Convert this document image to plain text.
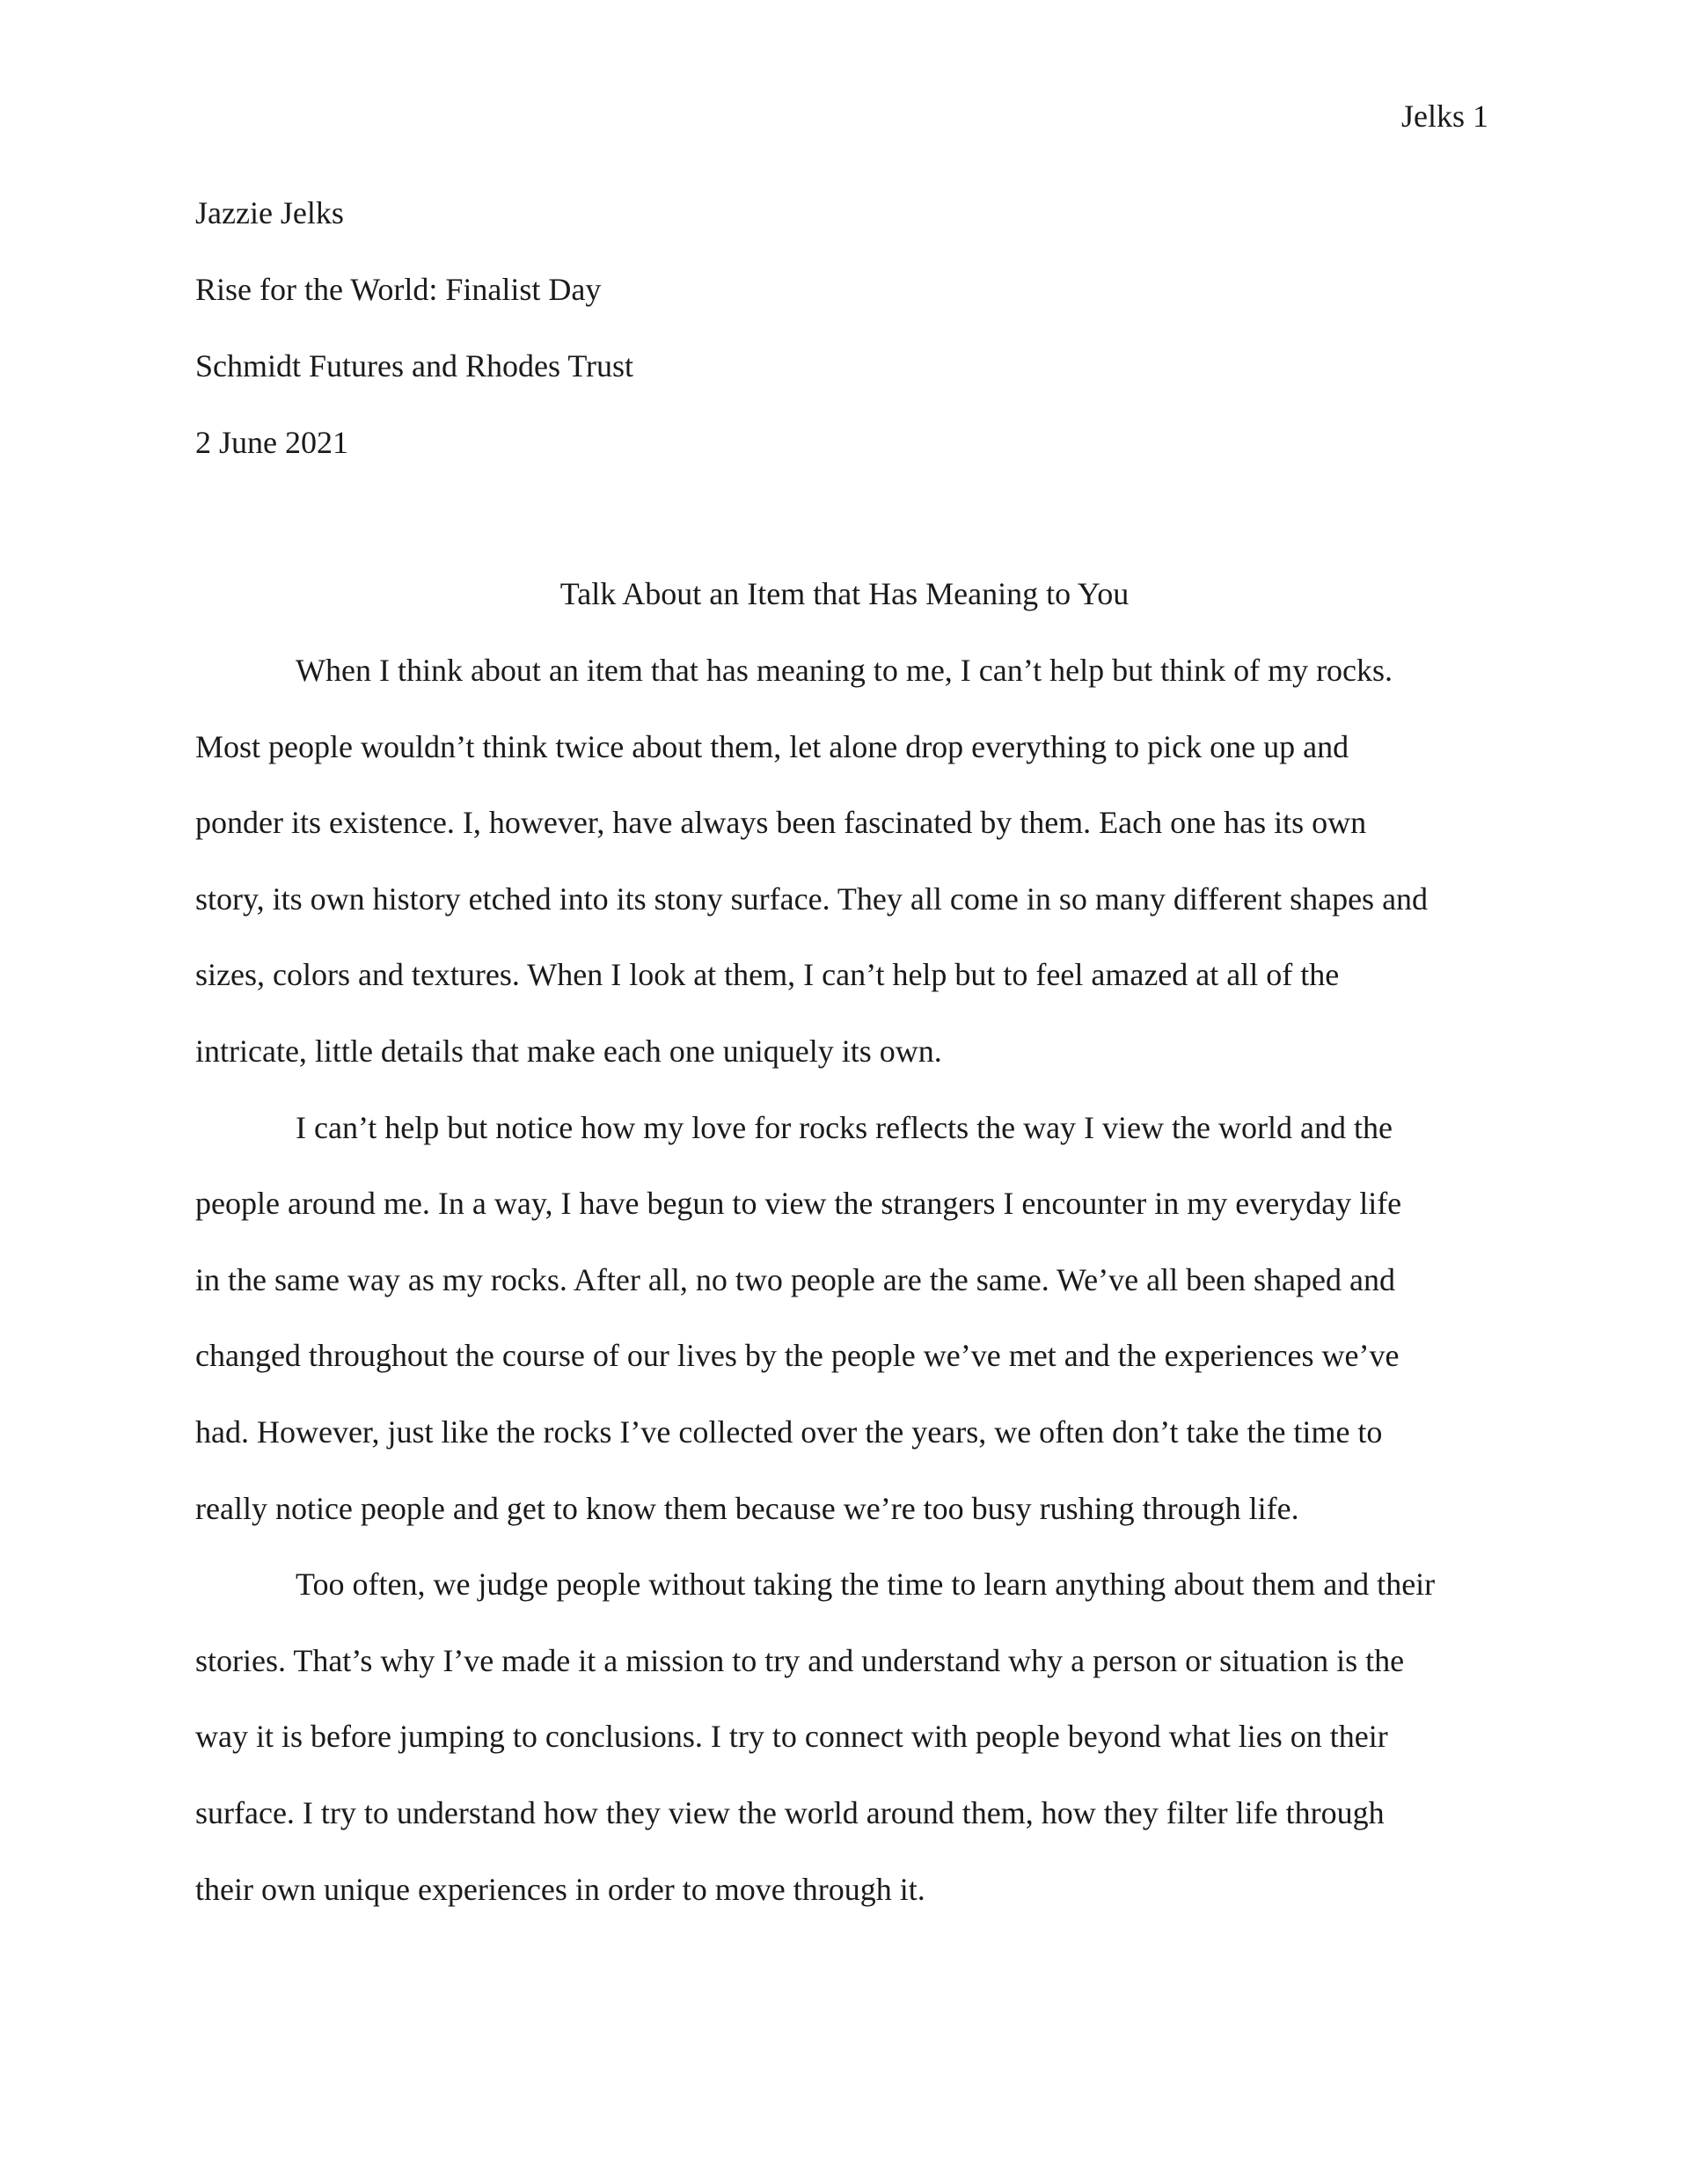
Jelks 1
Jazzie Jelks
Rise for the World: Finalist Day
Schmidt Futures and Rhodes Trust
2 June 2021
Talk About an Item that Has Meaning to You
When I think about an item that has meaning to me, I can’t help but think of my rocks.
Most people wouldn’t think twice about them, let alone drop everything to pick one up and
ponder its existence. I, however, have always been fascinated by them. Each one has its own
story, its own history etched into its stony surface. They all come in so many different shapes and
sizes, colors and textures. When I look at them, I can’t help but to feel amazed at all of the
intricate, little details that make each one uniquely its own.
I can’t help but notice how my love for rocks reflects the way I view the world and the
people around me. In a way, I have begun to view the strangers I encounter in my everyday life
in the same way as my rocks. After all, no two people are the same. We’ve all been shaped and
changed throughout the course of our lives by the people we’ve met and the experiences we’ve
had. However, just like the rocks I’ve collected over the years, we often don’t take the time to
really notice people and get to know them because we’re too busy rushing through life.
Too often, we judge people without taking the time to learn anything about them and their
stories. That’s why I’ve made it a mission to try and understand why a person or situation is the
way it is before jumping to conclusions. I try to connect with people beyond what lies on their
surface. I try to understand how they view the world around them, how they filter life through
their own unique experiences in order to move through it.
